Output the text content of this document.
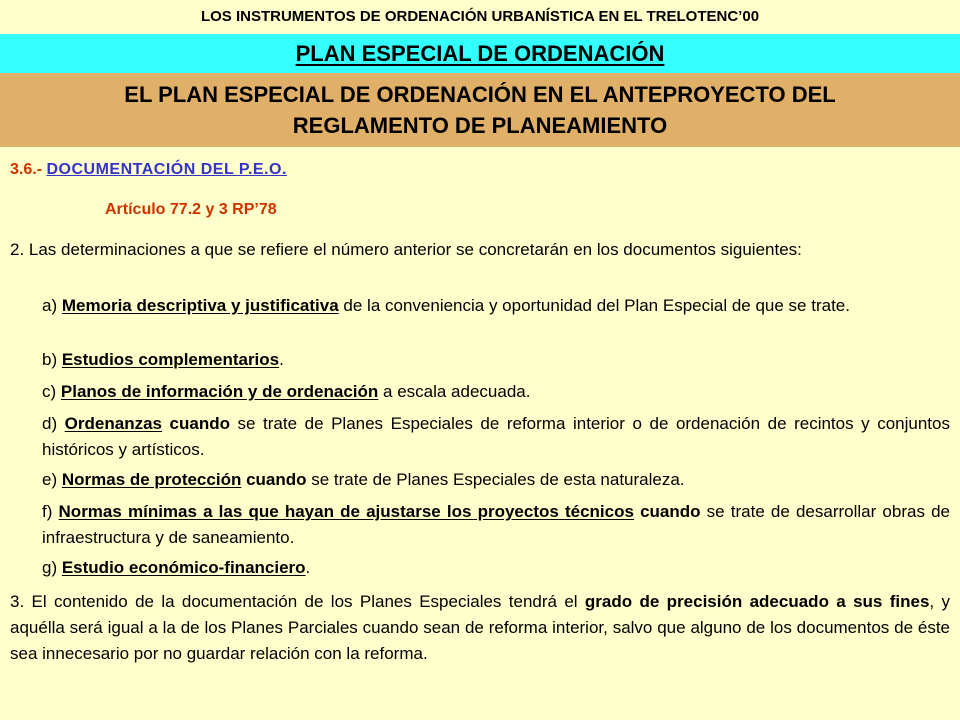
LOS INSTRUMENTOS DE ORDENACIÓN URBANÍSTICA EN EL TRELOTENC’00
PLAN ESPECIAL DE ORDENACIÓN
EL PLAN ESPECIAL DE ORDENACIÓN EN EL ANTEPROYECTO DEL
REGLAMENTO DE PLANEAMIENTO
3.6.- DOCUMENTACIÓN DEL P.E.O.
Artículo 77.2 y 3 RP’78
2. Las determinaciones a que se refiere el número anterior se concretarán en los documentos siguientes:
a) Memoria descriptiva y justificativa de la conveniencia y oportunidad del Plan Especial de que se trate.
b) Estudios complementarios.
c) Planos de información y de ordenación a escala adecuada.
d) Ordenanzas cuando se trate de Planes Especiales de reforma interior o de ordenación de recintos y conjuntos históricos y artísticos.
e) Normas de protección cuando se trate de Planes Especiales de esta naturaleza.
f) Normas mínimas a las que hayan de ajustarse los proyectos técnicos cuando se trate de desarrollar obras de infraestructura y de saneamiento.
g) Estudio económico-financiero.
3. El contenido de la documentación de los Planes Especiales tendrá el grado de precisión adecuado a sus fines, y aquélla será igual a la de los Planes Parciales cuando sean de reforma interior, salvo que alguno de los documentos de éste sea innecesario por no guardar relación con la reforma.
